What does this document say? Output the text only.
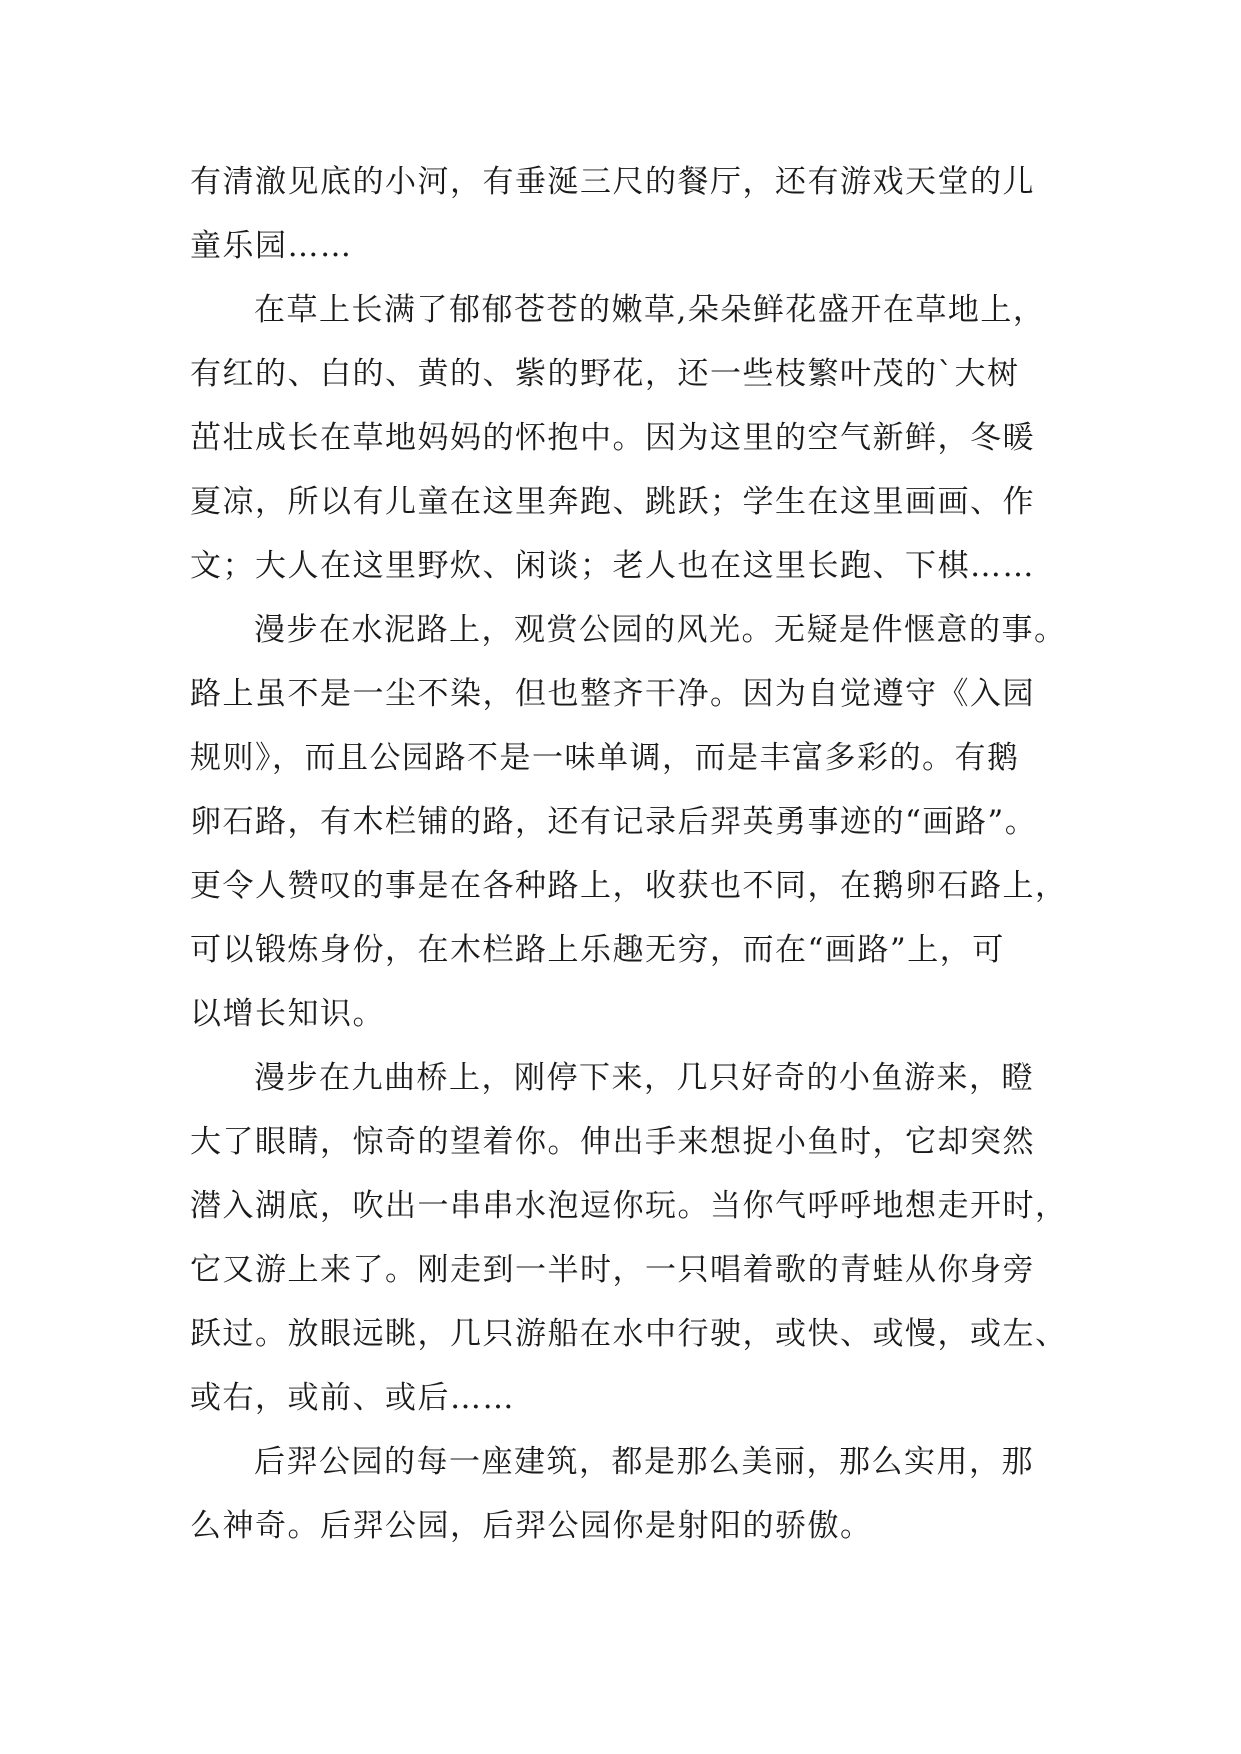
有清澈见底的小河，有垂涎三尺的餐厅，还有游戏天堂的儿
童乐园……
在草上长满了郁郁苍苍的嫩草,朵朵鲜花盛开在草地上，
有红的、白的、黄的、紫的野花，还一些枝繁叶茂的`大树
茁壮成长在草地妈妈的怀抱中。因为这里的空气新鲜，冬暖
夏凉，所以有儿童在这里奔跑、跳跃；学生在这里画画、作
文；大人在这里野炊、闲谈；老人也在这里长跑、下棋……
漫步在水泥路上，观赏公园的风光。无疑是件惬意的事。
路上虽不是一尘不染，但也整齐干净。因为自觉遵守《入园
规则》，而且公园路不是一味单调，而是丰富多彩的。有鹅
卵石路，有木栏铺的路，还有记录后羿英勇事迹的“画路”。
更令人赞叹的事是在各种路上，收获也不同，在鹅卵石路上，
可以锻炼身份，在木栏路上乐趣无穷，而在“画路”上，可
以增长知识。
漫步在九曲桥上，刚停下来，几只好奇的小鱼游来，瞪
大了眼睛，惊奇的望着你。伸出手来想捉小鱼时，它却突然
潜入湖底，吹出一串串水泡逗你玩。当你气呼呼地想走开时，
它又游上来了。刚走到一半时，一只唱着歌的青蛙从你身旁
跃过。放眼远眺，几只游船在水中行驶，或快、或慢，或左、
或右，或前、或后……
后羿公园的每一座建筑，都是那么美丽，那么实用，那
么神奇。后羿公园，后羿公园你是射阳的骄傲。
